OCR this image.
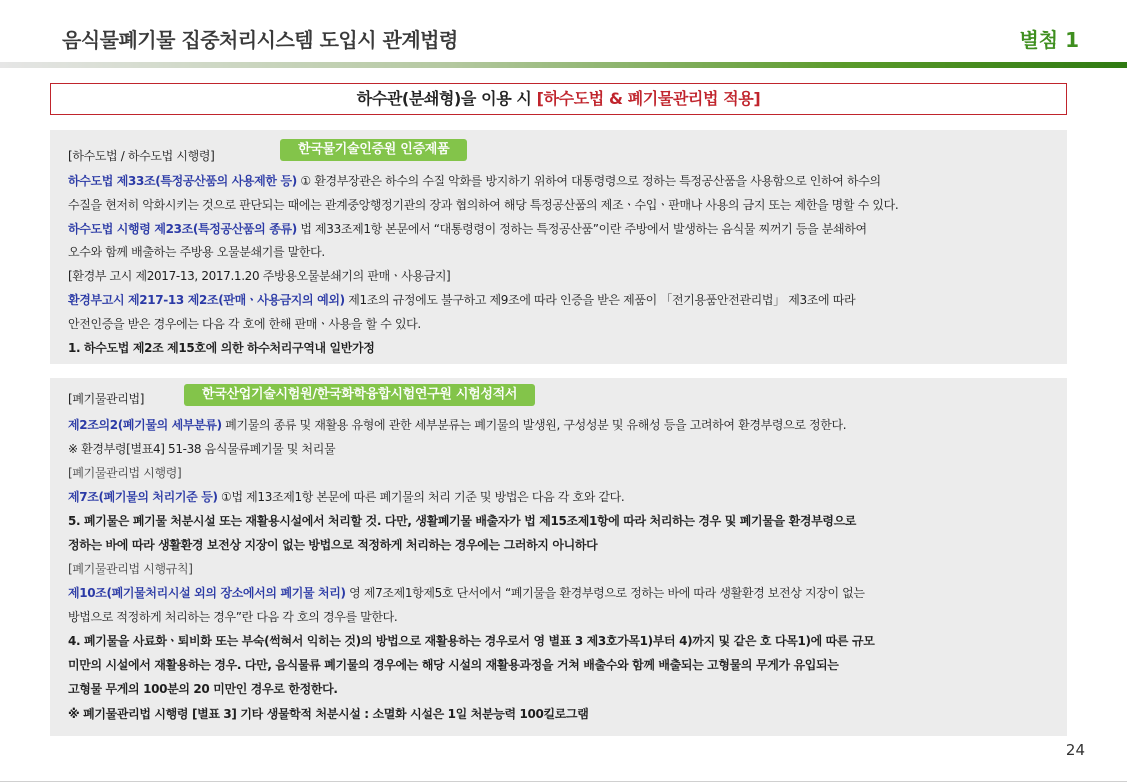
음식물폐기물 집중처리시스템 도입시 관계법령	별첨 1
하수관(분쇄형)을 이용 시 [하수도법 & 폐기물관리법 적용]
[하수도법 / 하수도법 시행령]	한국물기술인증원 인증제품
하수도법 제33조(특정공산품의 사용제한 등) ① 환경부장관은 하수의 수질 악화를 방지하기 위하여 대통령령으로 정하는 특정공산품을 사용함으로 인하여 하수의
수질을 현저히 악화시키는 것으로 판단되는 때에는 관계중앙행정기관의 장과 협의하여 해당 특정공산품의 제조ㆍ수입ㆍ판매나 사용의 금지 또는 제한을 명할 수 있다.
하수도법 시행령 제23조(특정공산품의 종류) 법 제33조제1항 본문에서 “대통령령이 정하는 특정공산품”이란 주방에서 발생하는 음식물 찌꺼기 등을 분쇄하여
오수와 함께 배출하는 주방용 오물분쇄기를 말한다.
[환경부 고시 제2017-13, 2017.1.20 주방용오물분쇄기의 판매ㆍ사용금지]
환경부고시 제217-13 제2조(판매ㆍ사용금지의 예외) 제1조의 규정에도 불구하고 제9조에 따라 인증을 받은 제품이 「전기용품안전관리법」 제3조에 따라
안전인증을 받은 경우에는 다음 각 호에 한해 판매ㆍ사용을 할 수 있다.
1. 하수도법 제2조 제15호에 의한 하수처리구역내 일반가정
[폐기물관리법]	한국산업기술시험원/한국화학융합시험연구원 시험성적서
제2조의2(폐기물의 세부분류) 폐기물의 종류 및 재활용 유형에 관한 세부분류는 폐기물의 발생원, 구성성분 및 유해성 등을 고려하여 환경부령으로 정한다.
※ 환경부령[별표4] 51-38 음식물류폐기물 및 처리물
[폐기물관리법 시행령]
제7조(폐기물의 처리기준 등) ①법 제13조제1항 본문에 따른 폐기물의 처리 기준 및 방법은 다음 각 호와 같다.
5. 폐기물은 폐기물 처분시설 또는 재활용시설에서 처리할 것. 다만, 생활폐기물 배출자가 법 제15조제1항에 따라 처리하는 경우 및 폐기물을 환경부령으로
정하는 바에 따라 생활환경 보전상 지장이 없는 방법으로 적정하게 처리하는 경우에는 그러하지 아니하다
[폐기물관리법 시행규칙]
제10조(폐기물처리시설 외의 장소에서의 폐기물 처리) 영 제7조제1항제5호 단서에서 “폐기물을 환경부령으로 정하는 바에 따라 생활환경 보전상 지장이 없는
방법으로 적정하게 처리하는 경우”란 다음 각 호의 경우를 말한다.
4. 폐기물을 사료화ㆍ퇴비화 또는 부숙(썩혀서 익히는 것)의 방법으로 재활용하는 경우로서 영 별표 3 제3호가목1)부터 4)까지 및 같은 호 다목1)에 따른 규모
미만의 시설에서 재활용하는 경우. 다만, 음식물류 폐기물의 경우에는 해당 시설의 재활용과정을 거쳐 배출수와 함께 배출되는 고형물의 무게가 유입되는
고형물 무게의 100분의 20 미만인 경우로 한정한다.
※ 폐기물관리법 시행령 [별표 3] 기타 생물학적 처분시설 : 소멸화 시설은 1일 처분능력 100킬로그램
24
